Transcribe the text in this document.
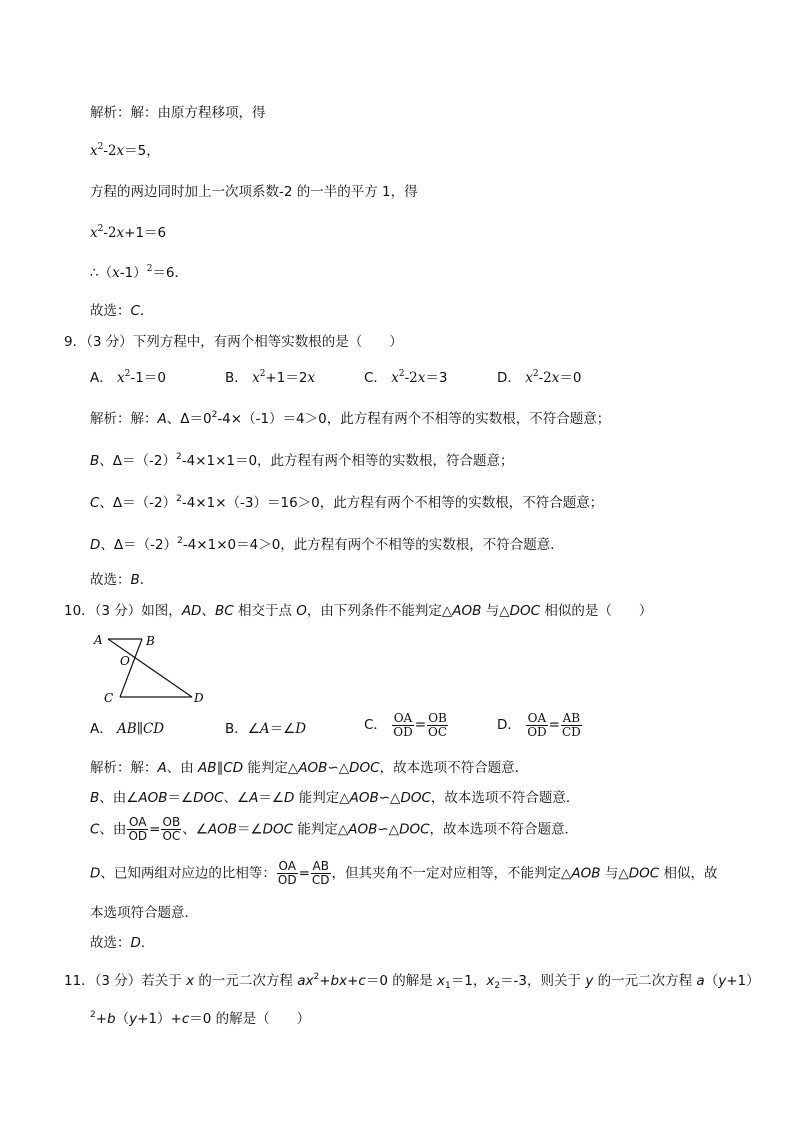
解析：解：由原方程移项，得
$x^2-2x=5$，
方程的两边同时加上一次项系数-2 的一半的平方 1，得
$x^2-2x+1=6$
$\therefore(x-1)^2=6$．
故选：C．
9．（3 分）下列方程中，有两个相等实数根的是（　　）
A． $x^2-1=0$	B． $x^2+1=2x$	C． $x^2-2x=3$	D． $x^2-2x=0$
解析：解：A、$\Delta=0^2-4\times(-1)=4>0$，此方程有两个不相等的实数根，不符合题意；
B、$\Delta=(-2)^2-4\times 1\times 1=0$，此方程有两个相等的实数根，符合题意；
C、$\Delta=(-2)^2-4\times 1\times(-3)=16>0$，此方程有两个不相等的实数根，不符合题意；
D、$\Delta=(-2)^2-4\times 1\times 0=4>0$，此方程有两个不相等的实数根，不符合题意．
故选：B．
10．（3 分）如图，AD、BC 相交于点 O，由下列条件不能判定△AOB 与△DOC 相似的是（　　）
A	B
O
C	D
A． AB∥CD	B．∠A＝∠D	C． $\frac{OA}{OD} = \frac{OB}{OC}$	D． $\frac{OA}{OD} = \frac{AB}{CD}$
解析：解：A、由 AB∥CD 能判定△AOB∽△DOC，故本选项不符合题意．
B、由∠AOB＝∠DOC、∠A＝∠D 能判定△AOB∽△DOC，故本选项不符合题意．
C、由 $\frac{OA}{OD} = \frac{OB}{OC}$ 、∠AOB＝∠DOC 能判定△AOB∽△DOC，故本选项不符合题意．
D、已知两组对应边的比相等： $\frac{OA}{OD} = \frac{AB}{CD}$ ，但其夹角不一定对应相等，不能判定△AOB 与△DOC 相似，故
本选项符合题意．
故选：D．
11．（3 分）若关于 x 的一元二次方程 $ax^2+bx+c=0$ 的解是 $x_1=1$，$x_2=-3$，则关于 y 的一元二次方程 a（y+1）
$^2$+b（y+1）+c＝0 的解是（　　）
